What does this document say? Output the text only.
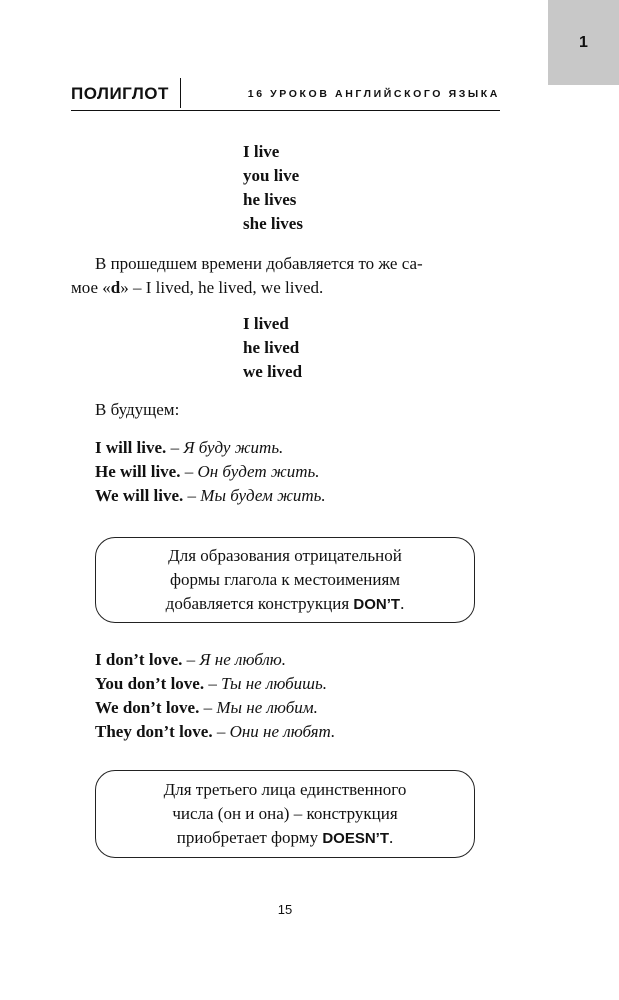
1
ПОЛИГЛОТ	16 УРОКОВ АНГЛИЙСКОГО ЯЗЫКА
I live
you live
he lives
she lives
В прошедшем времени добавляется то же са-
мое «d» – I lived, he lived, we lived.
I lived
he lived
we lived
В будущем:
I will live. – Я буду жить.
He will live. – Он будет жить.
We will live. – Мы будем жить.
Для образования отрицательной
формы глагола к местоимениям
добавляется конструкция DON’T.
I don’t love. – Я не люблю.
You don’t love. – Ты не любишь.
We don’t love. – Мы не любим.
They don’t love. – Они не любят.
Для третьего лица единственного
числа (он и она) – конструкция
приобретает форму DOESN’T.
15
